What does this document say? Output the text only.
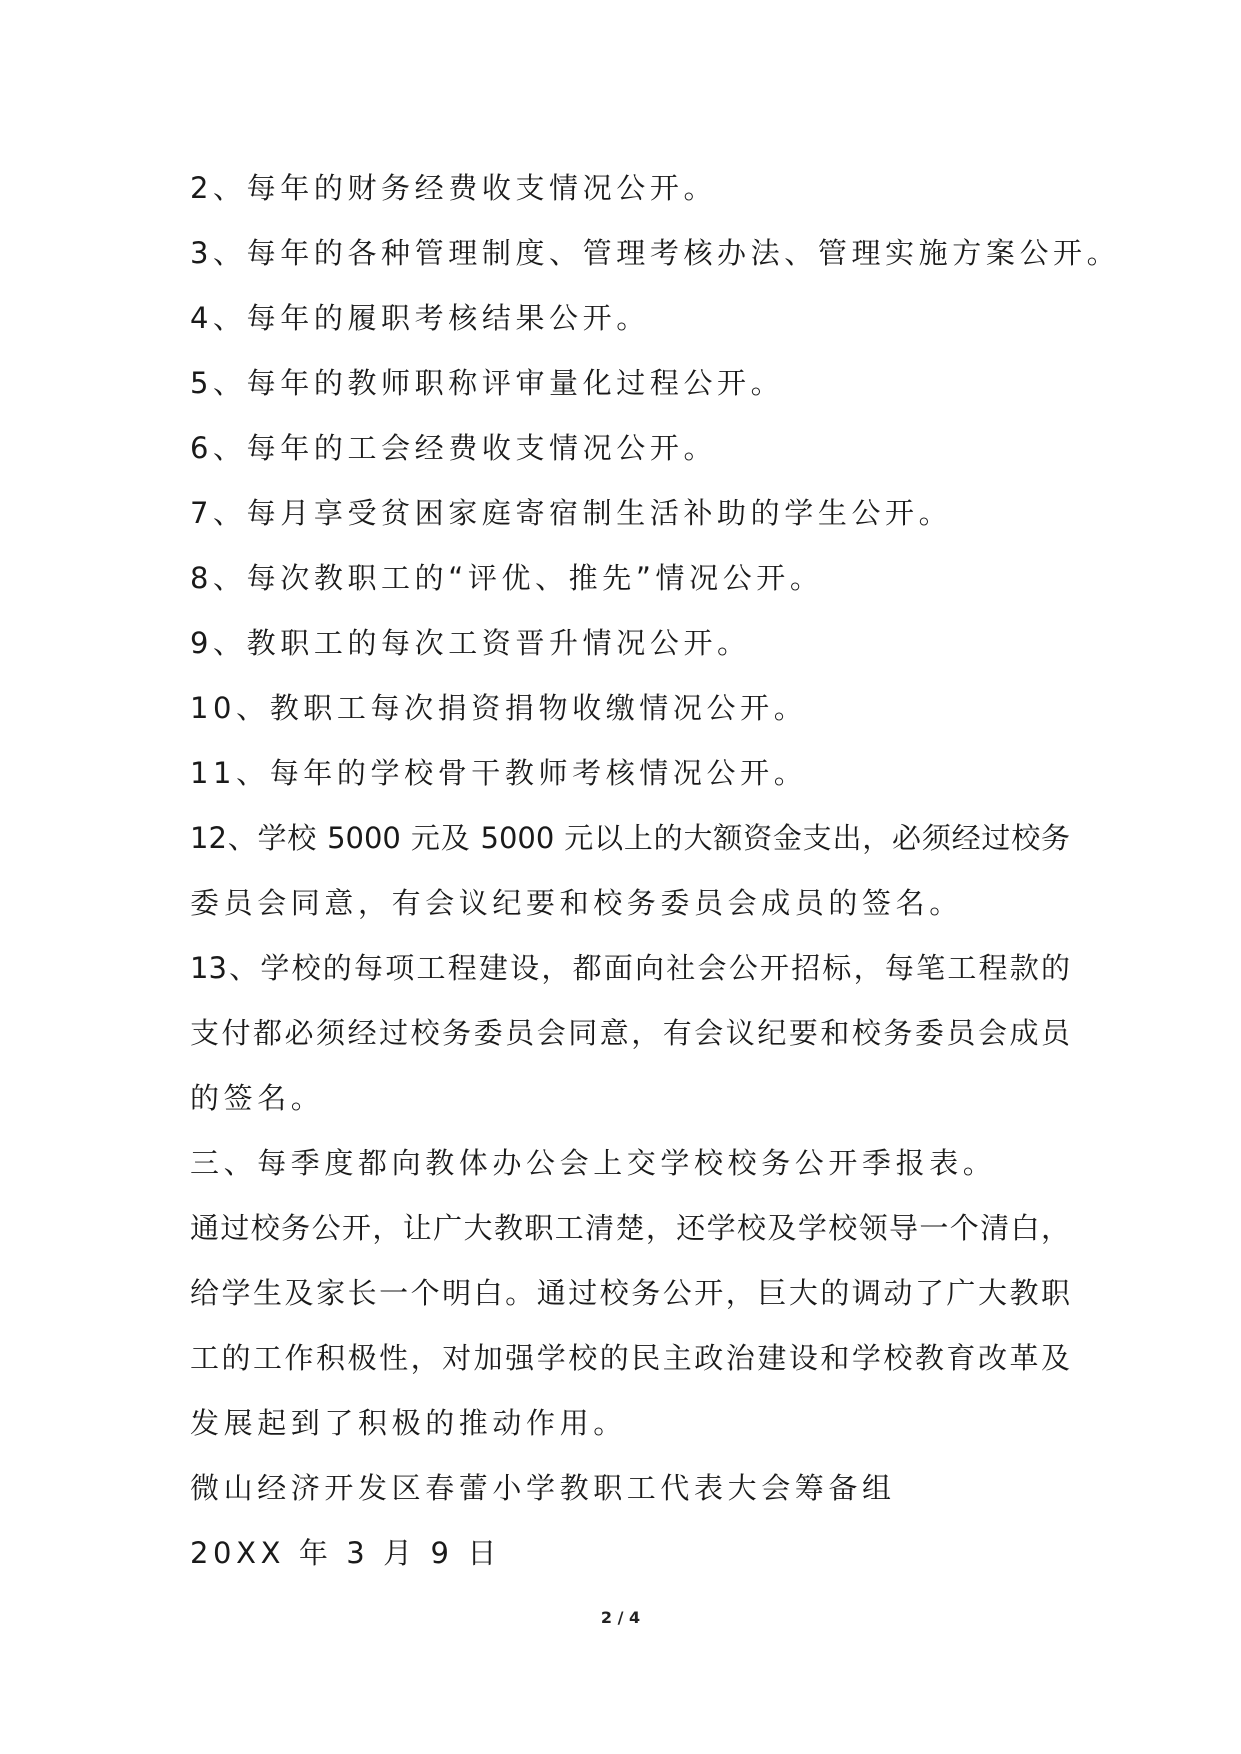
2、每年的财务经费收支情况公开。

3、每年的各种管理制度、管理考核办法、管理实施方案公开。

4、每年的履职考核结果公开。

5、每年的教师职称评审量化过程公开。

6、每年的工会经费收支情况公开。

7、每月享受贫困家庭寄宿制生活补助的学生公开。

8、每次教职工的“评优、推先”情况公开。

9、教职工的每次工资晋升情况公开。

10、教职工每次捐资捐物收缴情况公开。

11、每年的学校骨干教师考核情况公开。

12、学校 5000 元及 5000 元以上的大额资金支出，必须经过校务

委员会同意，有会议纪要和校务委员会成员的签名。

13、学校的每项工程建设，都面向社会公开招标，每笔工程款的

支付都必须经过校务委员会同意，有会议纪要和校务委员会成员

的签名。

三、每季度都向教体办公会上交学校校务公开季报表。

通过校务公开，让广大教职工清楚，还学校及学校领导一个清白，

给学生及家长一个明白。通过校务公开，巨大的调动了广大教职

工的工作积极性，对加强学校的民主政治建设和学校教育改革及

发展起到了积极的推动作用。

微山经济开发区春蕾小学教职工代表大会筹备组

20XX 年 3 月 9 日

2 / 4
